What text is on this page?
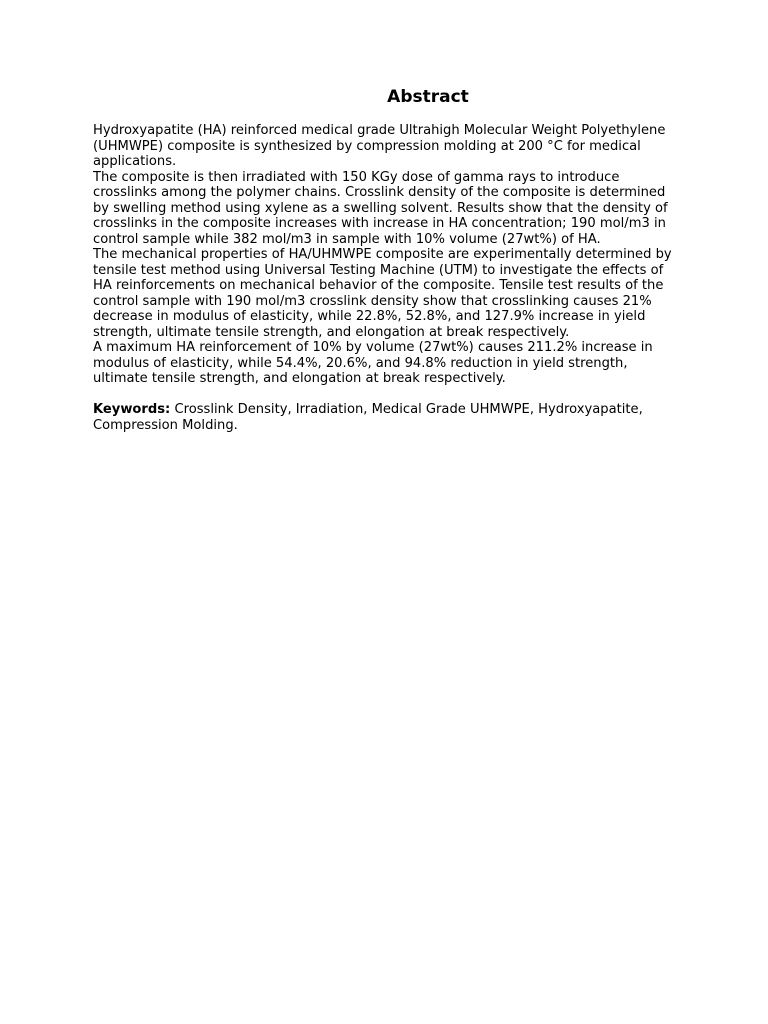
Abstract

Hydroxyapatite (HA) reinforced medical grade Ultrahigh Molecular Weight Polyethylene (UHMWPE) composite is synthesized by compression molding at 200 °C for medical applications.

The composite is then irradiated with 150 KGy dose of gamma rays to introduce crosslinks among the polymer chains. Crosslink density of the composite is determined by swelling method using xylene as a swelling solvent. Results show that the density of crosslinks in the composite increases with increase in HA concentration; 190 mol/m3 in control sample while 382 mol/m3 in sample with 10% volume (27wt%) of HA.

The mechanical properties of HA/UHMWPE composite are experimentally determined by tensile test method using Universal Testing Machine (UTM) to investigate the effects of HA reinforcements on mechanical behavior of the composite. Tensile test results of the control sample with 190 mol/m3 crosslink density show that crosslinking causes 21% decrease in modulus of elasticity, while 22.8%, 52.8%, and 127.9% increase in yield strength, ultimate tensile strength, and elongation at break respectively.

A maximum HA reinforcement of 10% by volume (27wt%) causes 211.2% increase in modulus of elasticity, while 54.4%, 20.6%, and 94.8% reduction in yield strength, ultimate tensile strength, and elongation at break respectively.

Keywords: Crosslink Density, Irradiation, Medical Grade UHMWPE, Hydroxyapatite, Compression Molding.
